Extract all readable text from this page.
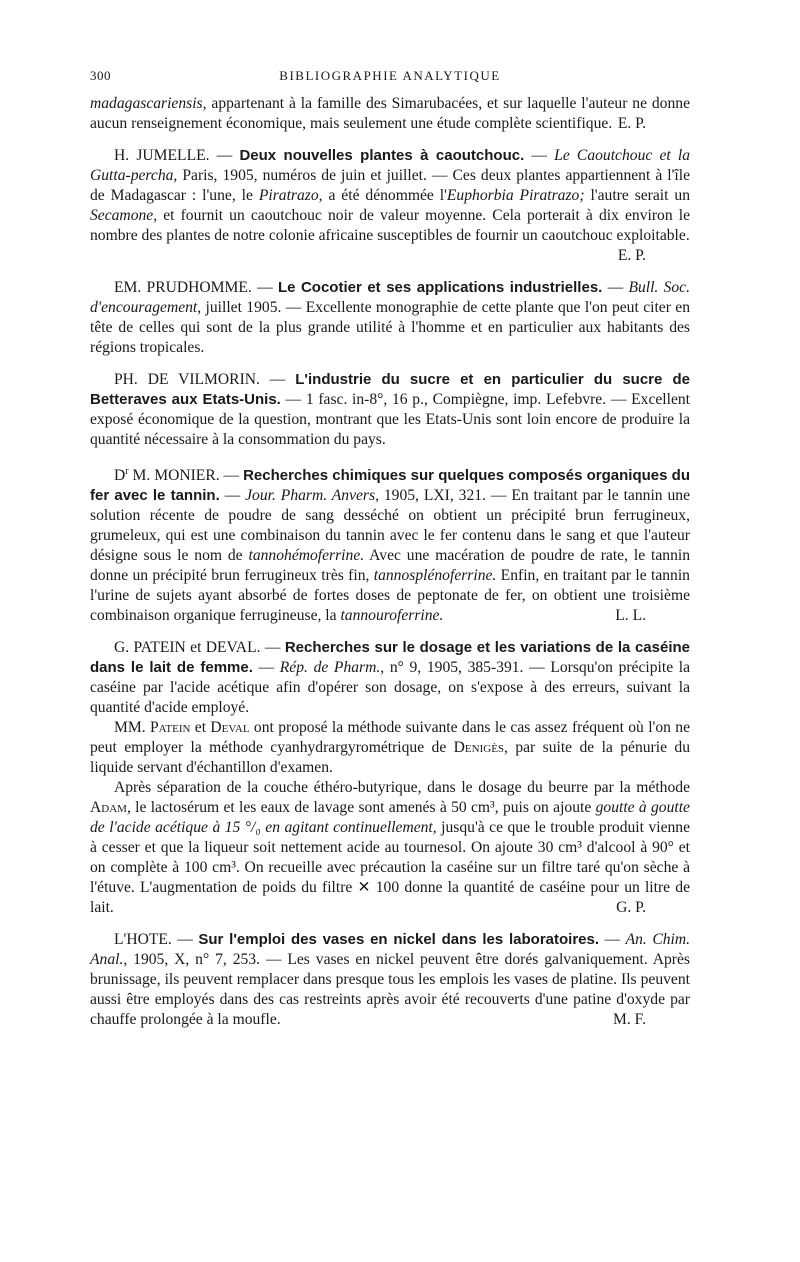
300	BIBLIOGRAPHIE ANALYTIQUE

madagascariensis, appartenant à la famille des Simarubacées, et sur laquelle l'auteur ne donne aucun renseignement économique, mais seulement une étude complète scientifique. E. P.

H. JUMELLE. — Deux nouvelles plantes à caoutchouc. — Le Caoutchouc et la Gutta-percha, Paris, 1905, numéros de juin et juillet. — Ces deux plantes appartiennent à l'île de Madagascar : l'une, le Piratrazo, a été dénommée l'Euphorbia Piratrazo; l'autre serait un Secamone, et fournit un caoutchouc noir de valeur moyenne. Cela porterait à dix environ le nombre des plantes de notre colonie africaine susceptibles de fournir un caoutchouc exploitable.

E. P.

EM. PRUDHOMME. — Le Cocotier et ses applications industrielles. — Bull. Soc. d'encouragement, juillet 1905. — Excellente monographie de cette plante que l'on peut citer en tête de celles qui sont de la plus grande utilité à l'homme et en particulier aux habitants des régions tropicales.

PH. DE VILMORIN. — L'industrie du sucre et en particulier du sucre de Betteraves aux Etats-Unis. — 1 fasc. in-8°, 16 p., Compiègne, imp. Lefebvre. — Excellent exposé économique de la question, montrant que les Etats-Unis sont loin encore de produire la quantité nécessaire à la consommation du pays.

$D^r$ M. MONIER. — Recherches chimiques sur quelques composés organiques du fer avec le tannin. — Jour. Pharm. Anvers, 1905, LXI, 321. — En traitant par le tannin une solution récente de poudre de sang desséché on obtient un précipité brun ferrugineux, grumeleux, qui est une combinaison du tannin avec le fer contenu dans le sang et que l'auteur désigne sous le nom de tannohémoferrine. Avec une macération de poudre de rate, le tannin donne un précipité brun ferrugineux très fin, tannosplénoferrine. Enfin, en traitant par le tannin l'urine de sujets ayant absorbé de fortes doses de peptonate de fer, on obtient une troisième combinaison organique ferrugineuse, la tannouroferrine.	L. L.

G. PATEIN et DEVAL. — Recherches sur le dosage et les variations de la caséine dans le lait de femme. — Rép. de Pharm., n° 9, 1905, 385-391. — Lorsqu'on précipite la caséine par l'acide acétique afin d'opérer son dosage, on s'expose à des erreurs, suivant la quantité d'acide employé.

MM. Patein et Deval ont proposé la méthode suivante dans le cas assez fréquent où l'on ne peut employer la méthode cyanhydrargyrométrique de Denigès, par suite de la pénurie du liquide servant d'échantillon d'examen.

Après séparation de la couche éthéro-butyrique, dans le dosage du beurre par la méthode Adam, le lactosérum et les eaux de lavage sont amenés à 50 cm³, puis on ajoute goutte à goutte de l'acide acétique à 15 °/₀ en agitant continuellement, jusqu'à ce que le trouble produit vienne à cesser et que la liqueur soit nettement acide au tournesol. On ajoute 30 cm³ d'alcool à 90° et on complète à 100 cm³. On recueille avec précaution la caséine sur un filtre taré qu'on sèche à l'étuve. L'augmentation de poids du filtre ✕ 100 donne la quantité de caséine pour un litre de lait.	G. P.

L'HOTE. — Sur l'emploi des vases en nickel dans les laboratoires. — An. Chim. Anal., 1905, X, n° 7, 253. — Les vases en nickel peuvent être dorés galvaniquement. Après brunissage, ils peuvent remplacer dans presque tous les emplois les vases de platine. Ils peuvent aussi être employés dans des cas restreints après avoir été recouverts d'une patine d'oxyde par chauffe prolongée à la moufle.	M. F.
